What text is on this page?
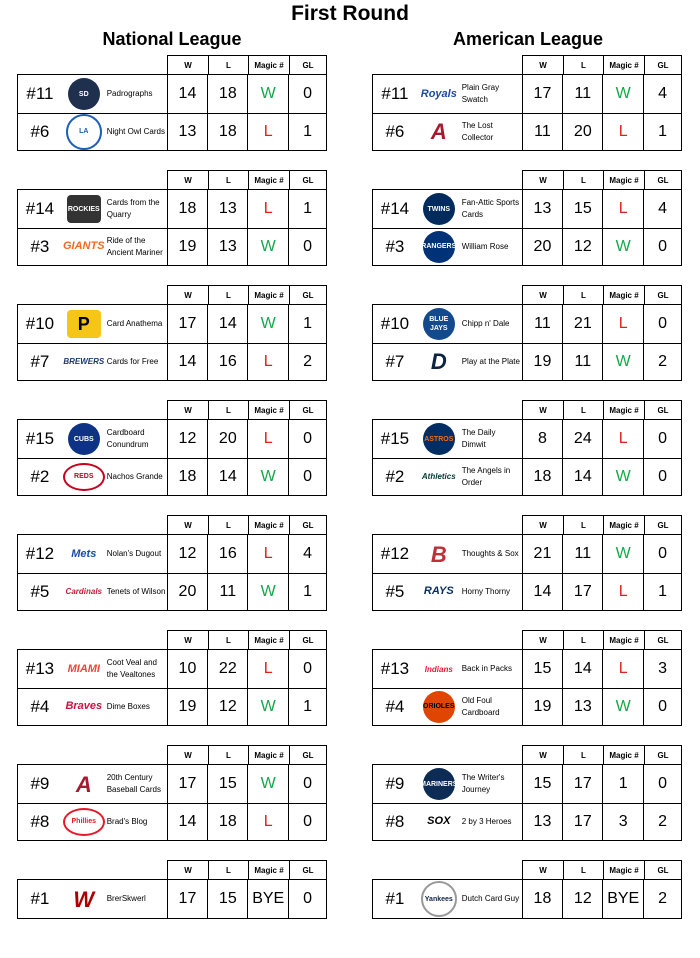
First Round
National League
W	L	Magic #	GL
#11	SD Padrographs	14	18	W	0
#6	LA Night Owl Cards 13	18	L	1
W	L	Magic #	GL
#14	ROCKIES
Cards from the Quarry	18	13	L	1
#3	GIANTS Ride of the Ancient Mariner 19	13	W	0
W	L	Magic #	GL
#10	P Card Anathema	17	14	W	1
#7	BREWERS Cards for Free	14	16	L	2
W	L	Magic #	GL
#15	CUBS
Cardboard Conundrum	12	20	L	0
#2	REDS Nachos Grande 18	14	W	0
W	L	Magic #	GL
#12	Mets Nolan's Dugout	12	16	L	4
#5	Cardinals Tenets of Wilson 20	11	W	1
W	L	Magic #	GL
#13	MIAMI Coot Veal and the Vealtones	10	22	L	0
#4	Braves Dime Boxes	19	12	W	1
W	L	Magic #	GL
#9	A 20th Century Baseball Cards	17	15	W	0
#8	Phillies Brad's Blog	14	18	L	0
W	L	Magic #	GL
#1	W BrerSkwerl	17	15 BYE	0
American League
W	L	Magic #	GL
#11	Royals Plain Gray Swatch	17	11	W	4
#6	A The Lost Collector	11	20	L	1
W	L	Magic #	GL
#14	TWINS
Fan-Attic Sports Cards	13	15	L	4
#3	RANGERS William Rose	20	12	W	0
W	L	Magic #	GL
#10	BLUE JAYS
Chipp n' Dale	11	21	L	0
#7	D Play at the Plate 19	11	W	2
W	L	Magic #	GL
#15	ASTROS
The Daily Dimwit	8	24	L	0
#2	Athletics
The Angels in Order	18	14	W	0
W	L	Magic #	GL
#12 B Thoughts & Sox 21	11	W	0
#5	RAYS Horny Thorny	14	17	L	1
W	L	Magic #	GL
#13	Indians Back in Packs	15	14	L	3
#4	ORIOLES
Old Foul Cardboard	19	13	W	0
W	L	Magic #	GL
#9	MARINERS
The Writer's Journey	15	17	1	0
#8	SOX 2 by 3 Heroes	13	17	3	2
W	L	Magic #	GL
#1	Yankees Dutch Card Guy 18	12 BYE	2
